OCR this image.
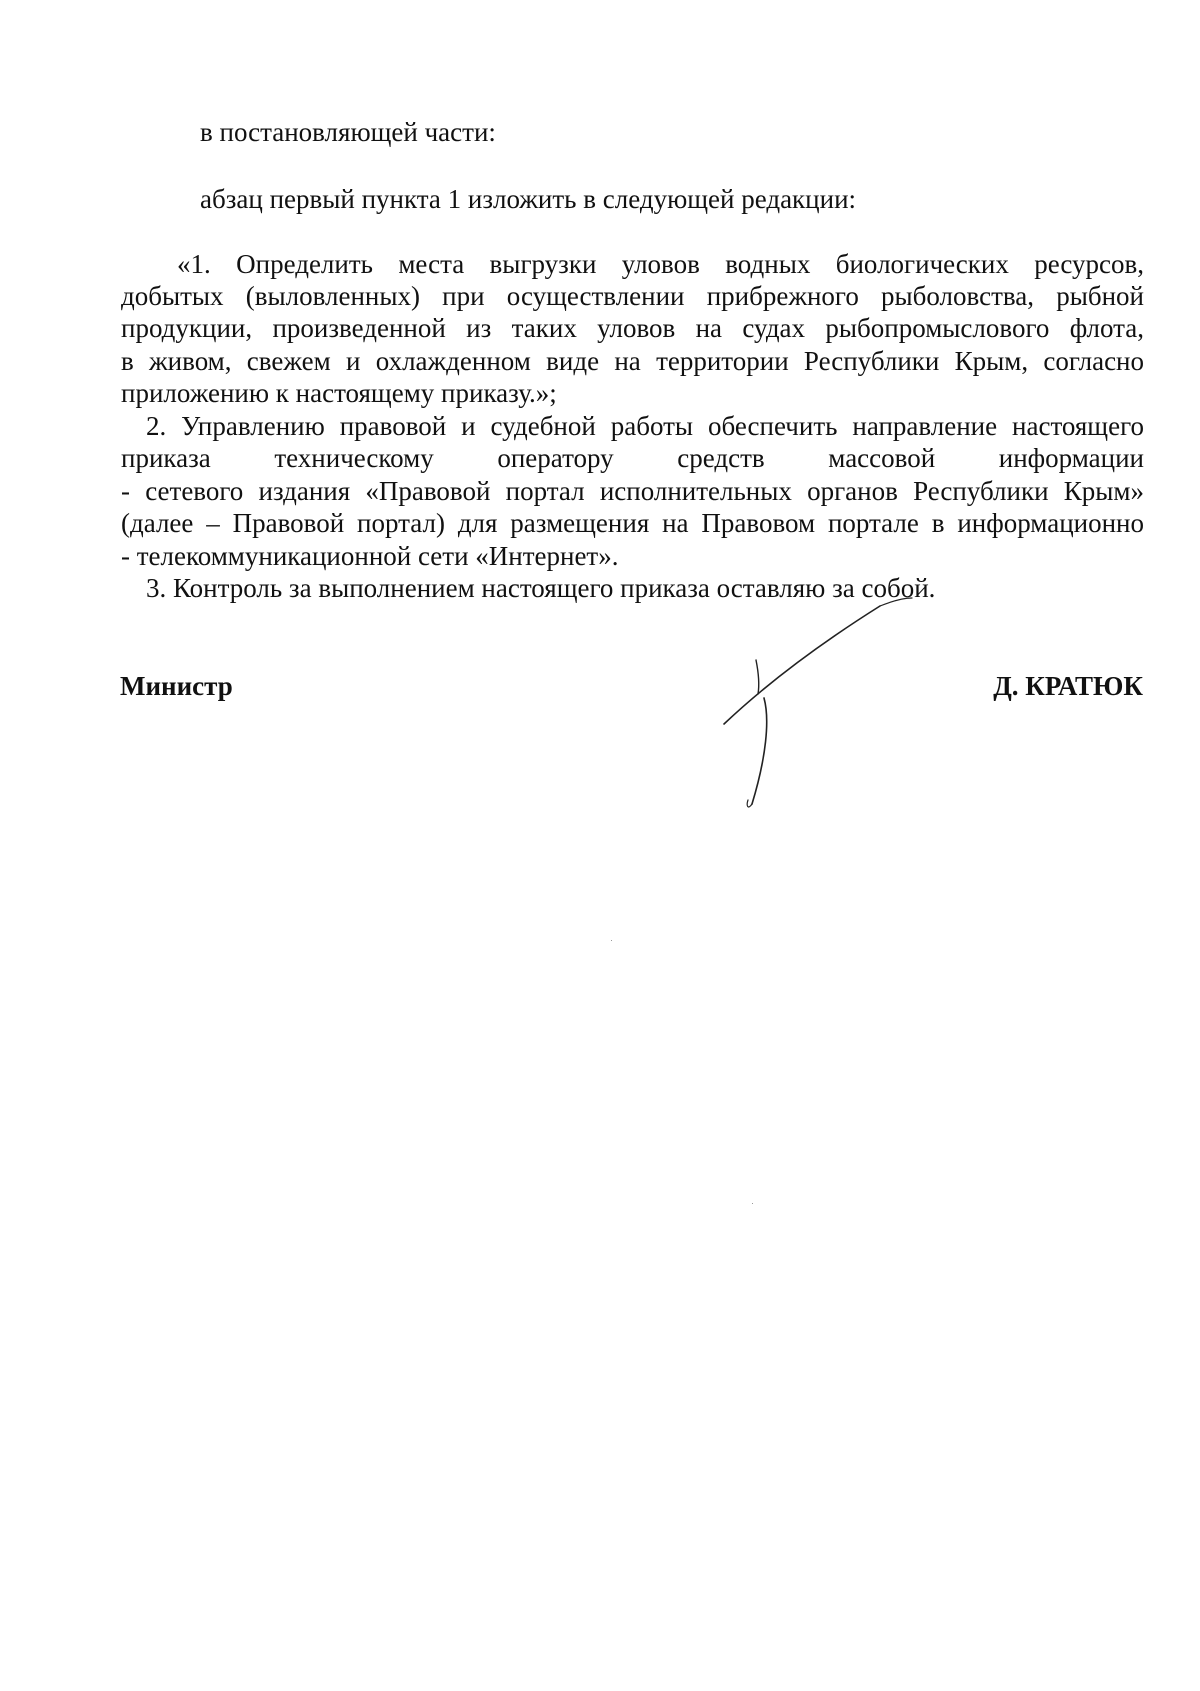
в постановляющей части:
абзац первый пункта 1 изложить в следующей редакции:
«1. Определить места выгрузки уловов водных биологических ресурсов,
добытых (выловленных) при осуществлении прибрежного рыболовства, рыбной
продукции, произведенной из таких уловов на судах рыбопромыслового флота,
в живом, свежем и охлажденном виде на территории Республики Крым, согласно
приложению к настоящему приказу.»;
2. Управлению правовой и судебной работы обеспечить направление настоящего
приказа техническому оператору средств массовой информации
- сетевого издания «Правовой портал исполнительных органов Республики Крым»
(далее – Правовой портал) для размещения на Правовом портале в информационно
- телекоммуникационной сети «Интернет».
3. Контроль за выполнением настоящего приказа оставляю за собой.
Министр	Д. КРАТЮК
